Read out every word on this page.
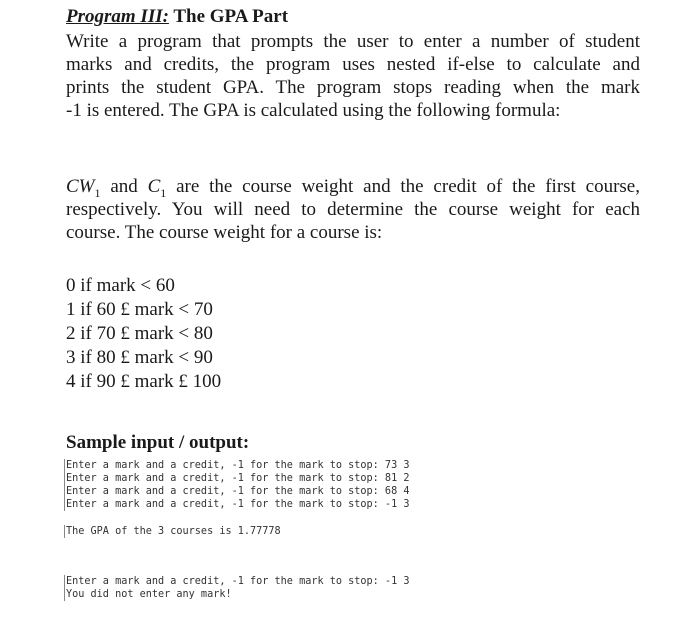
Program III: The GPA Part
Write a program that prompts the user to enter a number of student
marks and credits, the program uses nested if-else to calculate and
prints the student GPA. The program stops reading when the mark
-1 is entered. The GPA is calculated using the following formula:
$CW_1$ and $C_1$ are the course weight and the credit of the first course,
respectively. You will need to determine the course weight for each
course. The course weight for a course is:
0 if mark < 60
1 if 60 £ mark < 70
2 if 70 £ mark < 80
3 if 80 £ mark < 90
4 if 90 £ mark £ 100
Sample input / output:
Enter a mark and a credit, -1 for the mark to stop: 73 3
Enter a mark and a credit, -1 for the mark to stop: 81 2
Enter a mark and a credit, -1 for the mark to stop: 68 4
Enter a mark and a credit, -1 for the mark to stop: -1 3
The GPA of the 3 courses is 1.77778
Enter a mark and a credit, -1 for the mark to stop: -1 3
You did not enter any mark!
